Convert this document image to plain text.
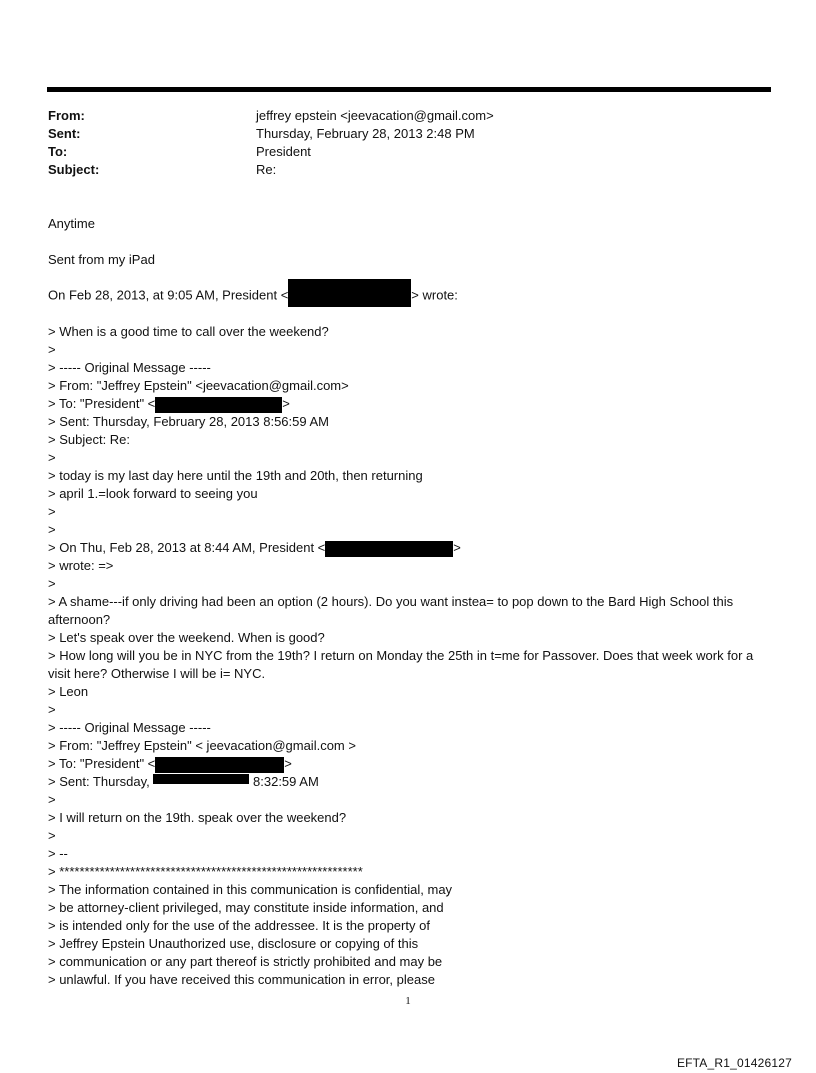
From:	jeffrey epstein <jeevacation@gmail.com>
Sent:	Thursday, February 28, 2013 2:48 PM
To:	President
Subject:	Re:
Anytime
Sent from my iPad
On Feb 28, 2013, at 9:05 AM, President <	> wrote:
> When is a good time to call over the weekend?
>
> ----- Original Message -----
> From: "Jeffrey Epstein" <jeevacation@gmail.com>
> To: "President" <	>
> Sent: Thursday, February 28, 2013 8:56:59 AM
> Subject: Re:
>
> today is my last day here until the 19th and 20th, then returning
> april 1.=look forward to seeing you
>
>
> On Thu, Feb 28, 2013 at 8:44 AM, President <	>
> wrote: =>
>
> A shame---if only driving had been an option (2 hours). Do you want instea= to pop down to the Bard High School this afternoon?
> Let's speak over the weekend. When is good?
> How long will you be in NYC from the 19th? I return on Monday the 25th in t=me for Passover. Does that week work for a visit here? Otherwise I will be i= NYC.
> Leon
>
> ----- Original Message -----
> From: "Jeffrey Epstein" < jeevacation@gmail.com >
> To: "President" <	>
> Sent: Thursday,	8:32:59 AM
>
> I will return on the 19th. speak over the weekend?
>
> --
> ************************************************************
> The information contained in this communication is confidential, may
> be attorney-client privileged, may constitute inside information, and
> is intended only for the use of the addressee. It is the property of
> Jeffrey Epstein Unauthorized use, disclosure or copying of this
> communication or any part thereof is strictly prohibited and may be
> unlawful. If you have received this communication in error, please
1
EFTA_R1_01426127
